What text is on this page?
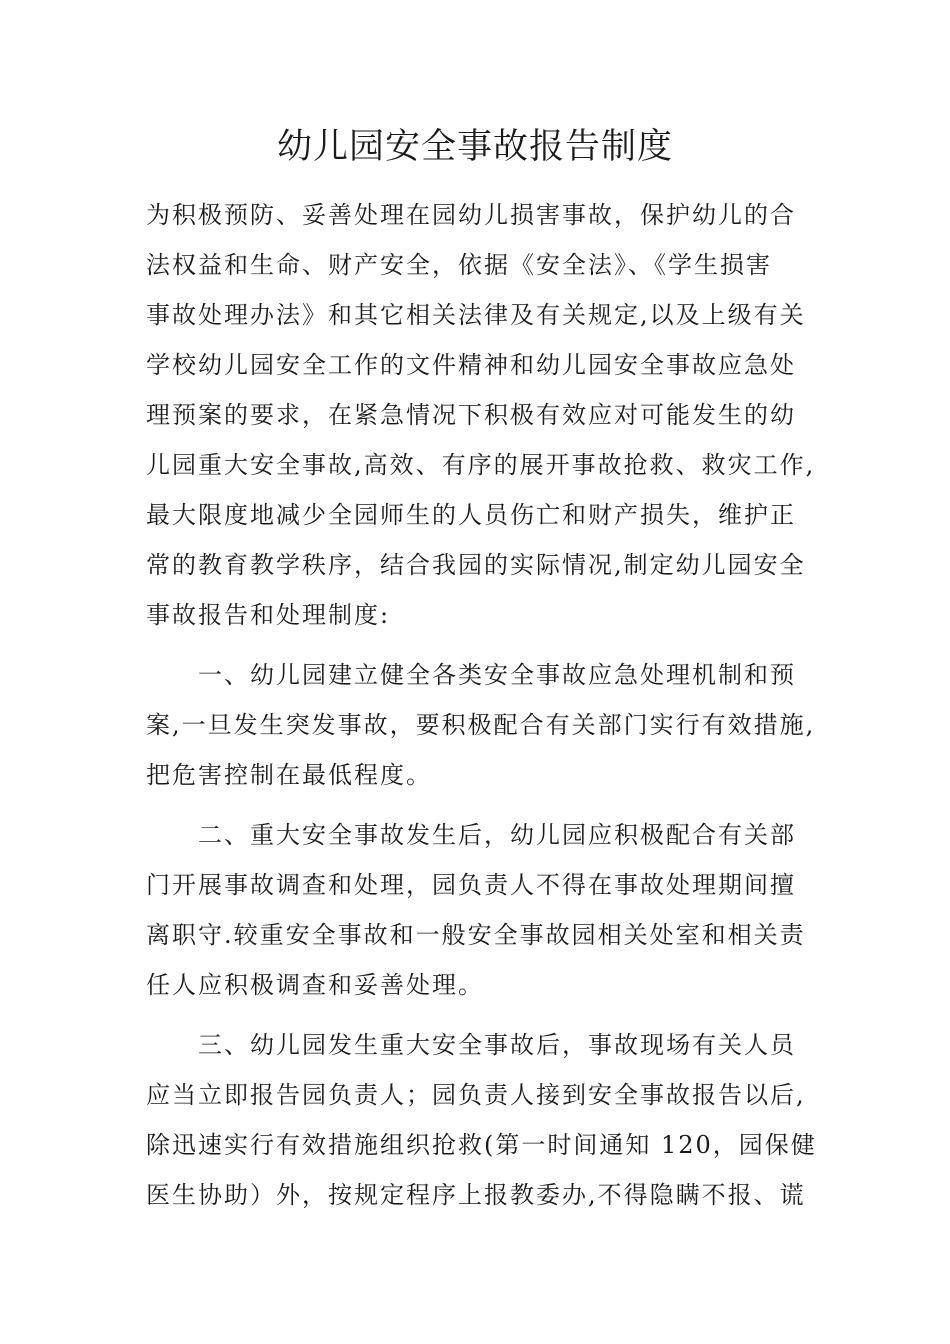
幼儿园安全事故报告制度

为积极预防、妥善处理在园幼儿损害事故，保护幼儿的合
法权益和生命、财产安全，依据《安全法》、《学生损害
事故处理办法》和其它相关法律及有关规定,以及上级有关
学校幼儿园安全工作的文件精神和幼儿园安全事故应急处
理预案的要求，在紧急情况下积极有效应对可能发生的幼
儿园重大安全事故,高效、有序的展开事故抢救、救灾工作,
最大限度地减少全园师生的人员伤亡和财产损失，维护正
常的教育教学秩序，结合我园的实际情况,制定幼儿园安全
事故报告和处理制度:

一、幼儿园建立健全各类安全事故应急处理机制和预
案,一旦发生突发事故，要积极配合有关部门实行有效措施,
把危害控制在最低程度。

二、重大安全事故发生后，幼儿园应积极配合有关部
门开展事故调查和处理，园负责人不得在事故处理期间擅
离职守.较重安全事故和一般安全事故园相关处室和相关责
任人应积极调查和妥善处理。

三、幼儿园发生重大安全事故后，事故现场有关人员
应当立即报告园负责人；园负责人接到安全事故报告以后,
除迅速实行有效措施组织抢救(第一时间通知 120，园保健
医生协助）外，按规定程序上报教委办,不得隐瞒不报、谎
